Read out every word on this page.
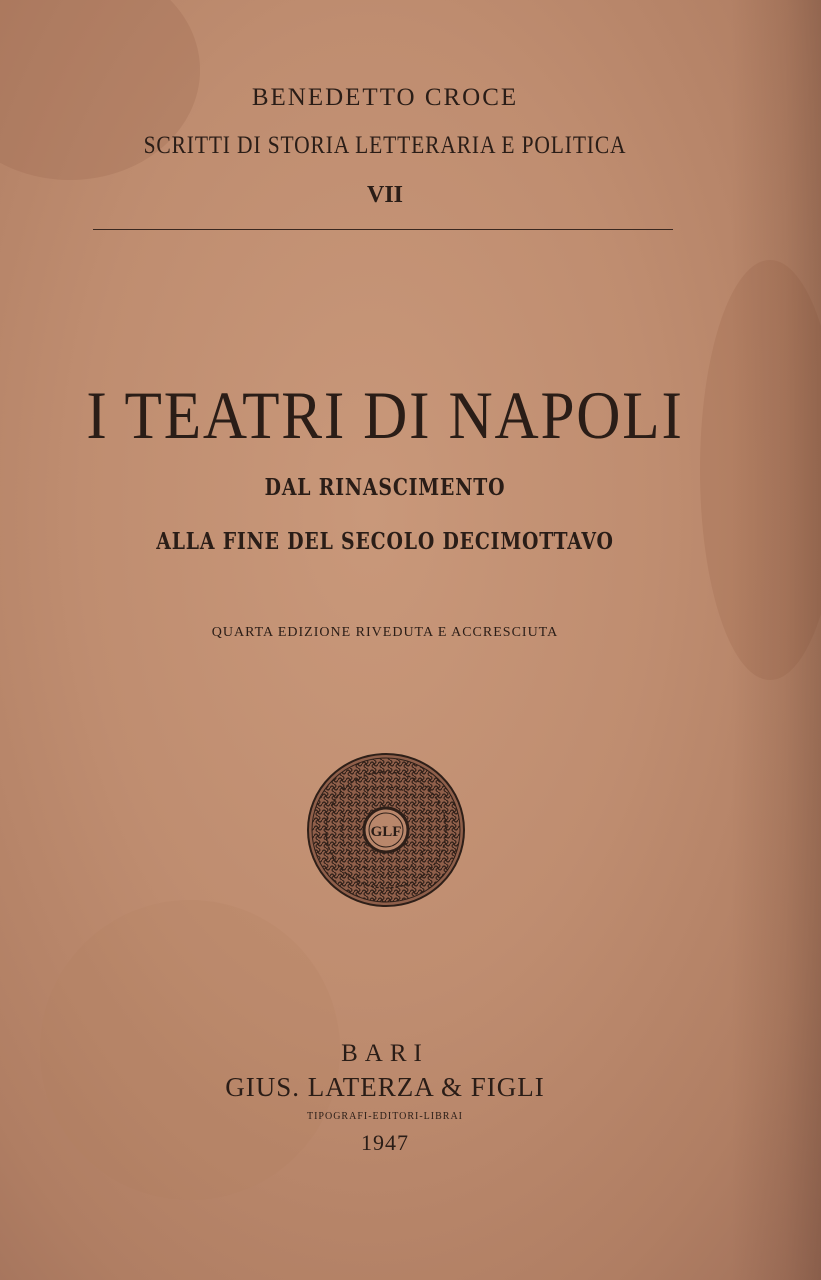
BENEDETTO CROCE
SCRITTI DI STORIA LETTERARIA E POLITICA
VII
I TEATRI DI NAPOLI
DAL RINASCIMENTO
ALLA FINE DEL SECOLO DECIMOTTAVO
QUARTA EDIZIONE RIVEDUTA E ACCRESCIUTA
GLF
BARI
GIUS. LATERZA & FIGLI
TIPOGRAFI-EDITORI-LIBRAI
1947
